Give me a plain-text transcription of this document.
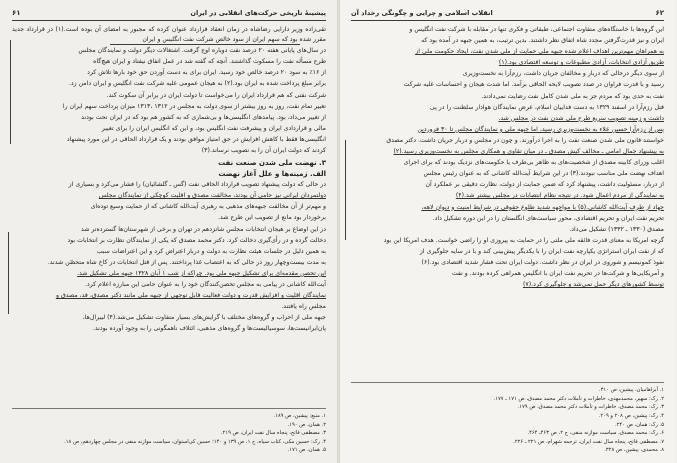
پیشینهٔ تاریخی حرکت‌های انقلابی در ایران
۶۱

تقی‌زاده وزیر دارایی رضاشاه در زمان انعقاد قرارداد عنوان کرده که مجبور به امضای آن بوده است.(۱) در قرارداد جدید مقرر شده بود که سهم ایران از سود خالص شرکت نفت انگلیس و ایران

در سال‌های پایانی هفته ۲۰ درصد نفت دوباره اوج گرفت. اشتغالات دیگر دولت و نمایندگان مجلس

طرح مسأله نفت را مسکوت گذاشتند. آنچه که گفته شد در عمل اتفاق نیفتاد و ایران هیچ‌گاه

از ۱۶٪ به سود ۲۰ درصد خالص خود رسید. ایران برای به دست آوردن حق خود بارها تلاش کرد

برابر مبلغ پرداخت شده به ایران بود.(۲) به هیجان عمومی علیه شرکت نفت انگلیس و ایران دامن زد.

شرکت نفتی که هم قرارداد ایران را می‌خواست تا دولت ایران در برابر آن سکوت کند.

تغییر تمام نفت، روز به روز بیشتر از سوی دولت به مجلس در ۱۳۱۲ ،۱۳۱۳ میزان پرداخت سهم ایران را

از تغییر می‌داد، بود. پیامدهای انگلیسی‌ها و بی‌شماری که به کشور هم بود که در ایران تحت بودند

مالی و قراردادی ایران و پیشرفت نفت انگلیس بود، و این که انگلیس ایران را برای تغییر

انگلیسی‌ها فقط با کاهش افزایش در حق امتیاز موافق بودند و یک قرارداد الحاقی در این مورد پیشنهاد

کردند که دولت ایران آن را به تصویب نرساند.(۳)

۳. نهضت ملی شدن صنعت نفت
الف. زمینه‌ها و علل آغاز نهضت

در حالی که دولت پیشنهاد تصویب قرارداد الحاقی نفت (گس ـ گلشائیان) را فشار می‌کرد و بسیاری از

دولتمردان ایرانی نیز حامی آن بودند، مخالفت مصدق و اقلیت کوچکی از نمایندگان مجلس

و مهم‌تر از آن مخالفت جبهه‌های مذهبی به رهبری آیت‌الله کاشانی که از حمایت وسیع توده‌ای

برخوردار بود مانع از تصویب این طرح شد.

در این اوضاع بر هیجان انتخابات مجلس شانزدهم در تهران و برخی از شهرستان‌ها گسترده‌تر شد

دخالت گرده و در رأی‌گیری دخالت کرد. دکتر محمد مصدق که یکی از نمایندگان نظارت بر انتخابات بود

به همین دلیل در جلسات هیئت نظارت به دولت و دربار اعتراض کرد و این اعتراضات سبب

به مدت بیست‌وچهار روز در حالی که به اعتصاب غذا پرداختند. پس از قتل انتخابات در کاخ شاه متحصّن شدند.

این تحصن مقدمه‌ای برای تشکیل جبهه ملی بود. چراکه از شب ۱ آبان ۱۳۲۸ جبهه ملی تشکیل شد.

آیت‌الله کاشانی در پیامی به مجلس تحصن‌کنندگان خود را به عنوان حامی این مبارزه اعلام کرد.

نمایندگان اقلیت و افزایش قدرت و دولت فعالیت قابل توجهی از جبهه ملی مانند دکتر مصدق، قد، مصدق و

مجلس راه یافتند.

جبهه ملی از احزاب و گروه‌های مختلف با گرایش‌های بسیار متفاوت تشکیل می‌شد.(۴) لیبرال‌ها،

پان‌ایرانیست‌ها، سوسیالیست‌ها و گروه‌های مذهبی، ائتلاف ناهمگونی را به وجود آورده بودند.

۱. منبع: پیشین، ص ۱۸۹.
۲. همان، ص ۱۹۰.
۳. مصطفی فاتح، پنجاه سال نفت ایران، ص ۲۱۹.
۴. رک: حسین مکی، کتاب سیاه، ج ۱، ص ۱۳۹ و ۱۴۰؛ حسین کی‌استوان، سیاست موازنه منفی در مجلس چهاردهم، ص ۱۸.
۵. همان، ص ۱۷۱.
۶۲
انقلاب اسلامی و چرایی و چگونگی رخداد آن

این گروه‌ها با خاستگاه‌های متفاوت اجتماعی، طبقاتی و فکری تنها در مقابله با شرکت نفت انگلیس و

ایران و نیز قدرت‌گرفتن مجدد شاه اتفاق نظر داشتند. بدین ترتیب، به همین جبهه در آمده بود که

به همراهان مهم‌ترین اهداف اعلام شده جبهه ملی حمایت از ملی شدن نفت، ایجاد حکومت ملی از

طریق آزادی انتخابات، آزادی مطبوعات و توسعه اقتصادی بود.(۱)

از سوی دیگر درحالی که دربار و مخالفان جریان داشت، رزم‌آرا به نخست‌وزیری

رسید و با قدرت فراوان در صدد تصویب لایحه الحاقی برآمد. اما شدت هیجان و احساسات علیه شرکت

نفت به حدی بود که مردم جز به ملی شدن کامل نفت رضایت نمی‌دادند.

قتل رزم‌آرا در اسفند ۱۳۲۹ به دست فداییان اسلام، عرض نمایندگان هوادار سلطنت را در پی

داشت و زمینه تصویب سریع طرح ملی شدن نفت در مجلس شد.

پس از رزم‌آرا حسین علاء به نخست‌وزیری رسید، اما جبهه ملی و نمایندگان مجلس تا ۳۰ فروردین

خواستند قانون ملی شدن صنعت نفت را به اجرا درآورند. و چون در مجلس و دربار جریان داشت. دکتر مصدق

به پیشنهاد جمال امامی ـ مخالف کیش مصدق ـ در میان تقاوی و همکاری مجلس به نخست‌وزیری رسید.(۲)

اغلب وزرای کابینه مصدق از شخصیت‌های به ظاهر بی‌طرف یا حکومت‌های نزدیک بودند که برای اجرای

اهداف نهضت ملی مناسب نبودند.(۳) در این شرایط آیت‌الله کاشانی که به عنوان رئیس مجلس

از دربار، مسئولیت داشت، پیشنهاد کرد که ضمن حمایت از دولت، نظارت دقیقی بر عملکرد آن

به نمایندگی از مردم اعمال شود. در نتیجه نظام انتصابات در مجلس بیشتر شد.(۴)

جهاد از طرف آیت‌الله کاشانی.(۵) با مواجهه شدید طلوع حقوقی در شرایط امنیت و دیوان لاهه،

تحریم نفت ایران و تحریم اقتصادی، محور سیاست‌های انگلستان را در این دوره تشکیل داد.

مصدق (۱۳۳۰ ـ ۱۳۳۲) تشکیل می‌داد.

گرچه امریکا به معنای قدرت فائقه ملی ملتی را در حمایت به پیروزی او را راضی خواست. هدف امریکا این بود

که از نفت ایران استراتژی یکپارچه نفت ایران را با یکدیگر پیش‌بینی کند و با در سایه جلوگیری از

نفوذ کمونیسم و شوروی در ایران در نظر داشت. دولت ایران تحت فشار شدید اقتصادی بود.(۶)

و آمریکایی‌ها و شرکت‌ها در تحریم نفت ایران با انگلیس همراهی کرده بودند. و نفت

توسط کشورهای دیگر حمل نمی‌شد و جلوگیری کرد.(۷)

۱. آبراهامیان، پیشین، ص ۳۱۰.
۲. رک: سهیر، محمدمهدی، خاطرات و تأملات دکتر محمد مصدق، ص ۱۷۱ ـ ۱۷۷.
۳. رک: محمد مصدق، خاطرات و تأملات دکتر محمد مصدق، ص ۱۷۹.
۴. رک: پیشین، ص ۲۰۸ و ۲۰۹.
۵. رک: همان، ص ۲۴۰.
۶. رک: محمد مصدق، سیاست موازنه منفی، ج ۲، ص ۴۶۳ـ ۴۶۴.
۷. مصطفی فاتح، پنجاه سال نفت ایران، ترجمه شهرام، ص ۲۲۱ ـ ۲۲۶.
۸. محمدی، پیشین، ص ۳۲۸.
